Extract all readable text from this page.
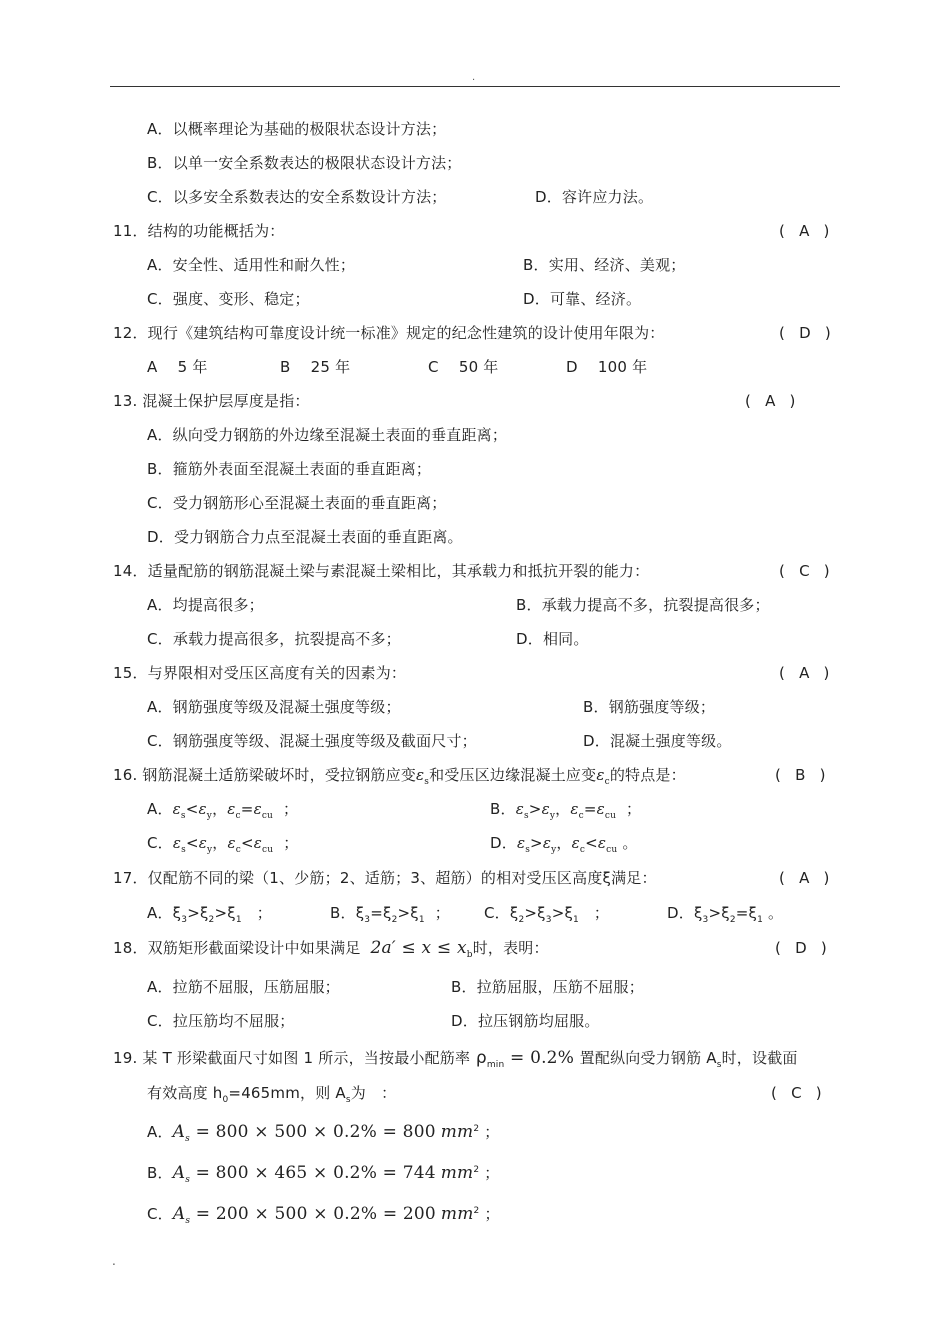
.
A．以概率理论为基础的极限状态设计方法；
B．以单一安全系数表达的极限状态设计方法；
C．以多安全系数表达的安全系数设计方法；	D．容许应力法。
11．结构的功能概括为：	( A )
A．安全性、适用性和耐久性；	B．实用、经济、美观；
C．强度、变形、稳定；	D．可靠、经济。
12．现行《建筑结构可靠度设计统一标准》规定的纪念性建筑的设计使用年限为：	( D )
A　 5 年	B　 25 年	C　 50 年	D　 100 年
13. 混凝土保护层厚度是指：	( A )
A．纵向受力钢筋的外边缘至混凝土表面的垂直距离；
B．箍筋外表面至混凝土表面的垂直距离；
C．受力钢筋形心至混凝土表面的垂直距离；
D．受力钢筋合力点至混凝土表面的垂直距离。
14．适量配筋的钢筋混凝土梁与素混凝土梁相比，其承载力和抵抗开裂的能力：	( C )
A．均提高很多；	B．承载力提高不多，抗裂提高很多；
C．承载力提高很多，抗裂提高不多；	D．相同。
15．与界限相对受压区高度有关的因素为：	( A )
A．钢筋强度等级及混凝土强度等级；	B．钢筋强度等级；
C．钢筋强度等级、混凝土强度等级及截面尺寸；	D．混凝土强度等级。
16. 钢筋混凝土适筋梁破坏时，受拉钢筋应变$\varepsilon_s$和受压区边缘混凝土应变$\varepsilon_c$的特点是：	( B )
A．$\varepsilon_s<\varepsilon_y$，$\varepsilon_c=\varepsilon_{cu}$ ；	B．$\varepsilon_s>\varepsilon_y$，$\varepsilon_c=\varepsilon_{cu}$ ；
C．$\varepsilon_s<\varepsilon_y$，$\varepsilon_c<\varepsilon_{cu}$ ；	D．$\varepsilon_s>\varepsilon_y$，$\varepsilon_c<\varepsilon_{cu}$ 。
17．仅配筋不同的梁（1、少筋；2、适筋；3、超筋）的相对受压区高度ξ满足：	( A )
A．$\xi_3>\xi_2>\xi_1$ ；	B．$\xi_3=\xi_2>\xi_1$ ； C．$\xi_2>\xi_3>\xi_1$ ；	D．$\xi_3>\xi_2=\xi_1$ 。
18．双筋矩形截面梁设计中如果满足 $2a' \le x \le x_b$时，表明：	( D )
A．拉筋不屈服，压筋屈服；	B．拉筋屈服，压筋不屈服；
C．拉压筋均不屈服；	D．拉压钢筋均屈服。
19. 某 T 形梁截面尺寸如图 1 所示，当按最小配筋率 $\rho_{min} = 0.2\%$ 置配纵向受力钢筋 $A_s$时，设截面
有效高度 $h_0=465mm$，则 $A_s$为　：	( C )
A．$A_s = 800 \times 500 \times 0.2\% = 800$ $mm^2$ ；
B．$A_s = 800 \times 465 \times 0.2\% = 744$ $mm^2$ ；
C．$A_s = 200 \times 500 \times 0.2\% = 200$ $mm^2$ ；
.
